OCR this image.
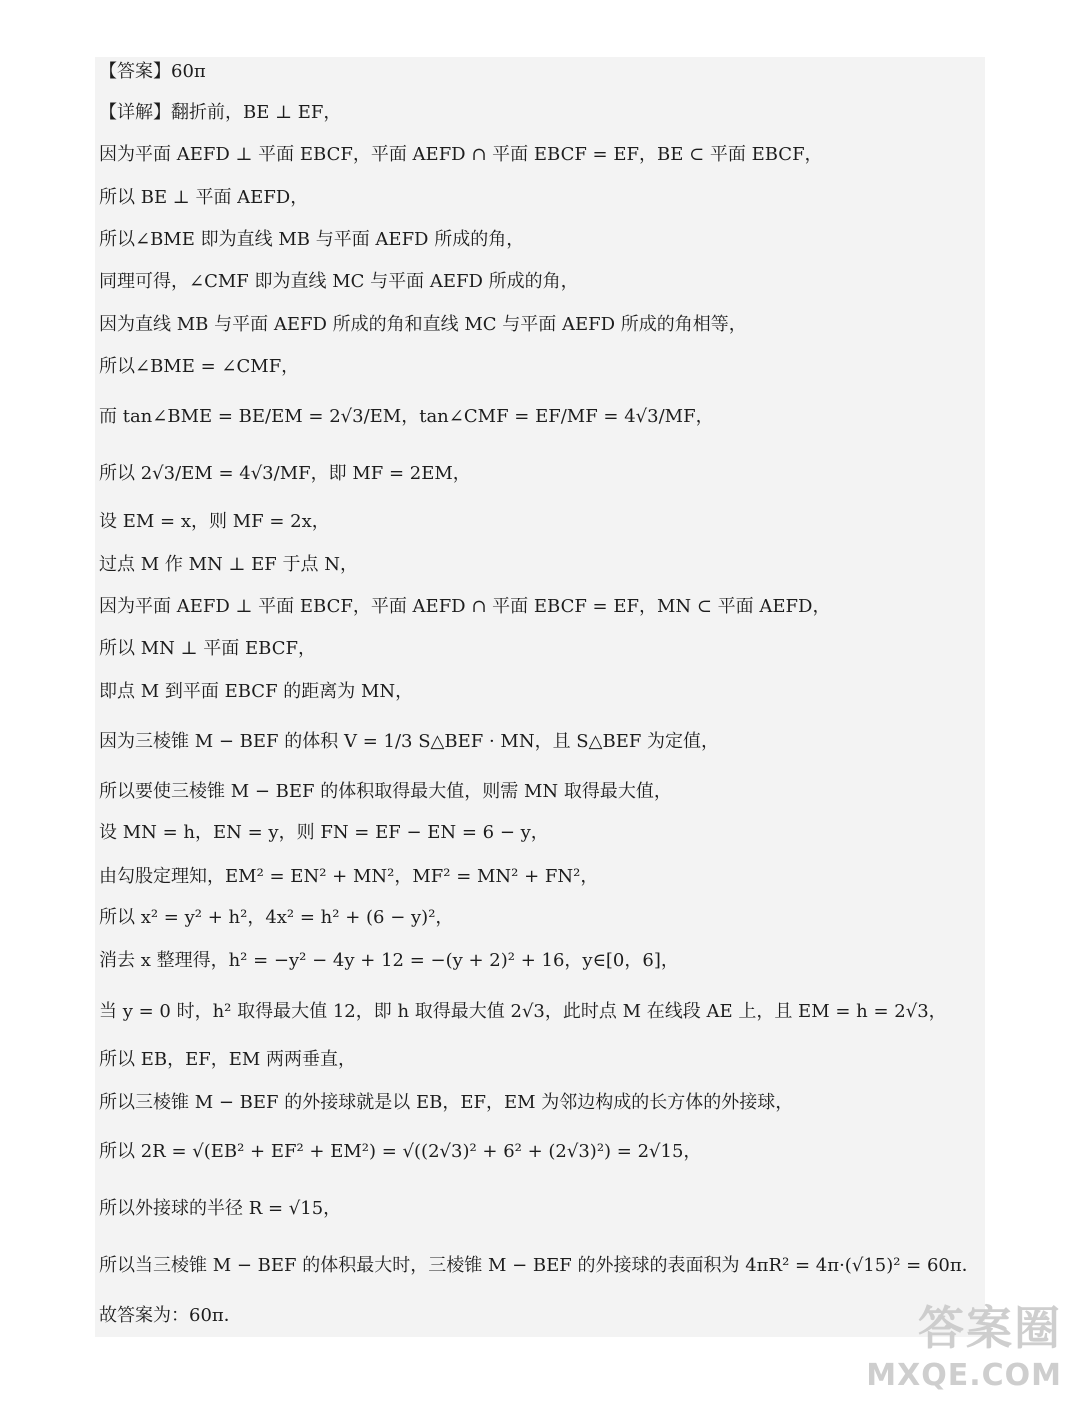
【答案】60π
【详解】翻折前，BE ⊥ EF，
因为平面 AEFD ⊥ 平面 EBCF，平面 AEFD ∩ 平面 EBCF = EF，BE ⊂ 平面 EBCF，
所以 BE ⊥ 平面 AEFD，
所以∠BME 即为直线 MB 与平面 AEFD 所成的角，
同理可得，∠CMF 即为直线 MC 与平面 AEFD 所成的角，
因为直线 MB 与平面 AEFD 所成的角和直线 MC 与平面 AEFD 所成的角相等，
所以∠BME = ∠CMF，
而 tan∠BME = BE/EM = 2√3/EM，tan∠CMF = EF/MF = 4√3/MF，
所以 2√3/EM = 4√3/MF，即 MF = 2EM，
设 EM = x，则 MF = 2x，
过点 M 作 MN ⊥ EF 于点 N，
因为平面 AEFD ⊥ 平面 EBCF，平面 AEFD ∩ 平面 EBCF = EF，MN ⊂ 平面 AEFD，
所以 MN ⊥ 平面 EBCF，
即点 M 到平面 EBCF 的距离为 MN，
因为三棱锥 M − BEF 的体积 V = 1/3 S△BEF · MN，且 S△BEF 为定值，
所以要使三棱锥 M − BEF 的体积取得最大值，则需 MN 取得最大值，
设 MN = h，EN = y，则 FN = EF − EN = 6 − y，
由勾股定理知，EM² = EN² + MN²，MF² = MN² + FN²，
所以 x² = y² + h²，4x² = h² + (6 − y)²，
消去 x 整理得，h² = −y² − 4y + 12 = −(y + 2)² + 16，y∈[0，6]，
当 y = 0 时，h² 取得最大值 12，即 h 取得最大值 2√3，此时点 M 在线段 AE 上，且 EM = h = 2√3，
所以 EB，EF，EM 两两垂直，
所以三棱锥 M − BEF 的外接球就是以 EB，EF，EM 为邻边构成的长方体的外接球，
所以 2R = √(EB² + EF² + EM²) = √((2√3)² + 6² + (2√3)²) = 2√15，
所以外接球的半径 R = √15，
所以当三棱锥 M − BEF 的体积最大时，三棱锥 M − BEF 的外接球的表面积为 4πR² = 4π·(√15)² = 60π．
故答案为：60π．	答案圈
MXQE.COM
